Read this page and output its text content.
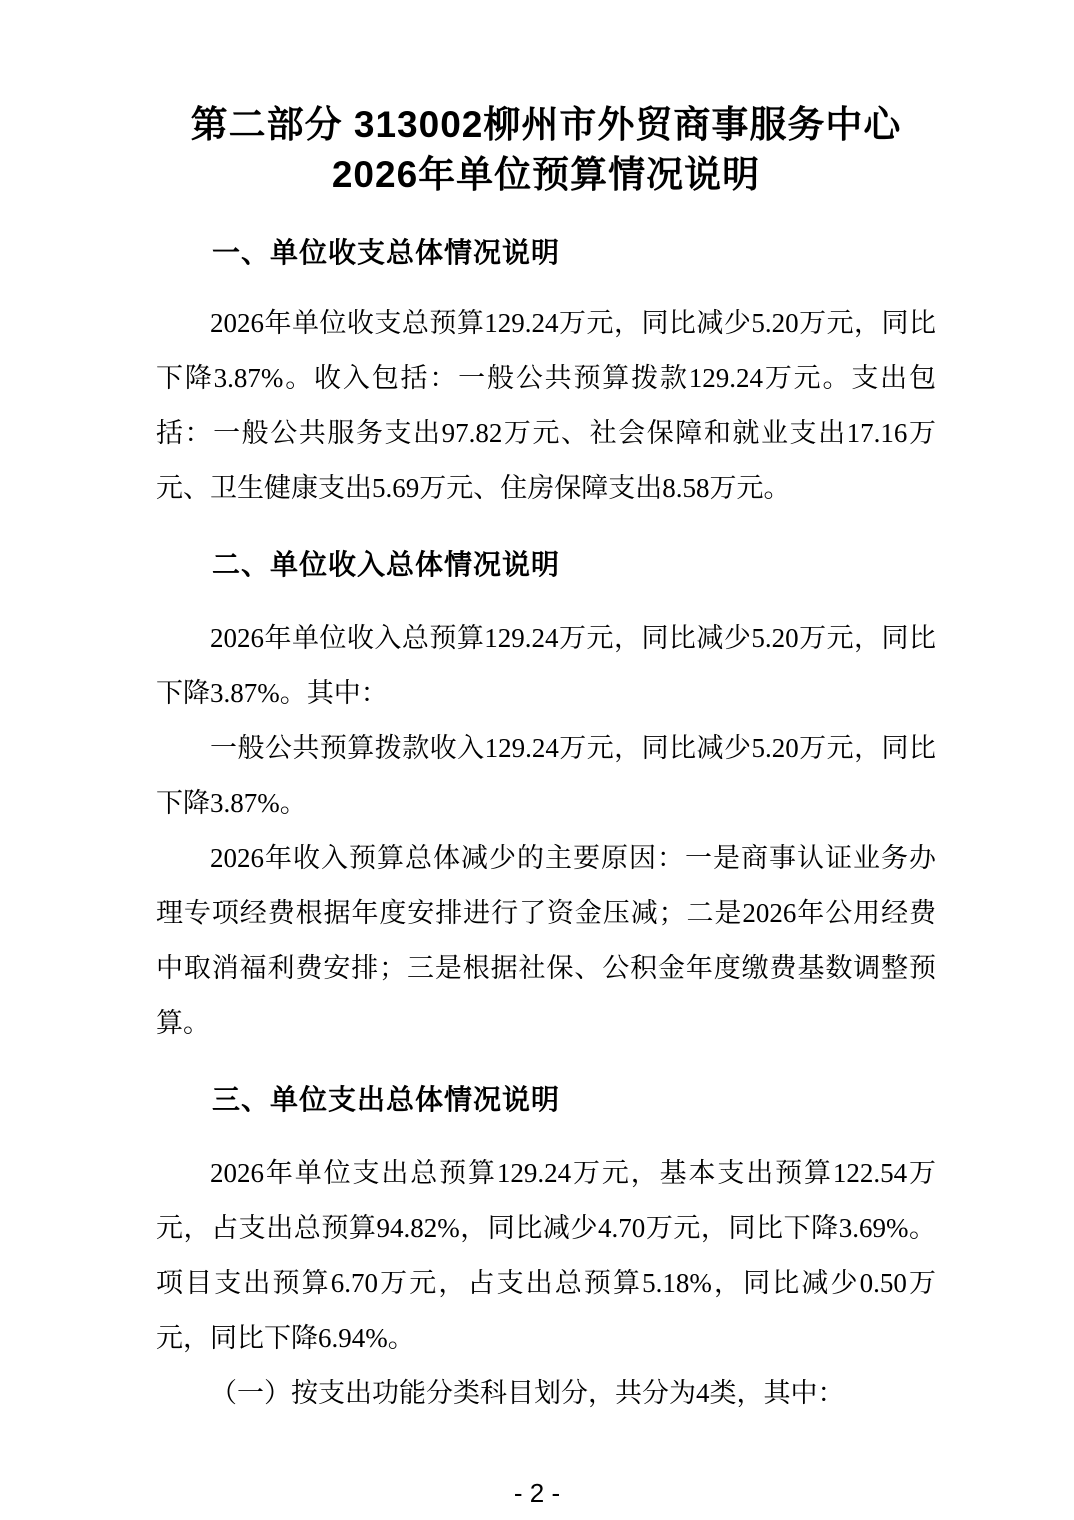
第二部分 313002柳州市外贸商事服务中心
2026年单位预算情况说明
一、单位收支总体情况说明

2026年单位收支总预算129.24万元，同比减少5.20万元，同比下降3.87%。收入包括：一般公共预算拨款129.24万元。支出包括：一般公共服务支出97.82万元、社会保障和就业支出17.16万元、卫生健康支出5.69万元、住房保障支出8.58万元。

二、单位收入总体情况说明

2026年单位收入总预算129.24万元，同比减少5.20万元，同比下降3.87%。其中：

一般公共预算拨款收入129.24万元，同比减少5.20万元，同比下降3.87%。

2026年收入预算总体减少的主要原因：一是商事认证业务办理专项经费根据年度安排进行了资金压减；二是2026年公用经费中取消福利费安排；三是根据社保、公积金年度缴费基数调整预算。

三、单位支出总体情况说明

2026年单位支出总预算129.24万元，基本支出预算122.54万元，占支出总预算94.82%，同比减少4.70万元，同比下降3.69%。项目支出预算6.70万元，占支出总预算5.18%，同比减少0.50万元，同比下降6.94%。

（一）按支出功能分类科目划分，共分为4类，其中：

- 2 -
